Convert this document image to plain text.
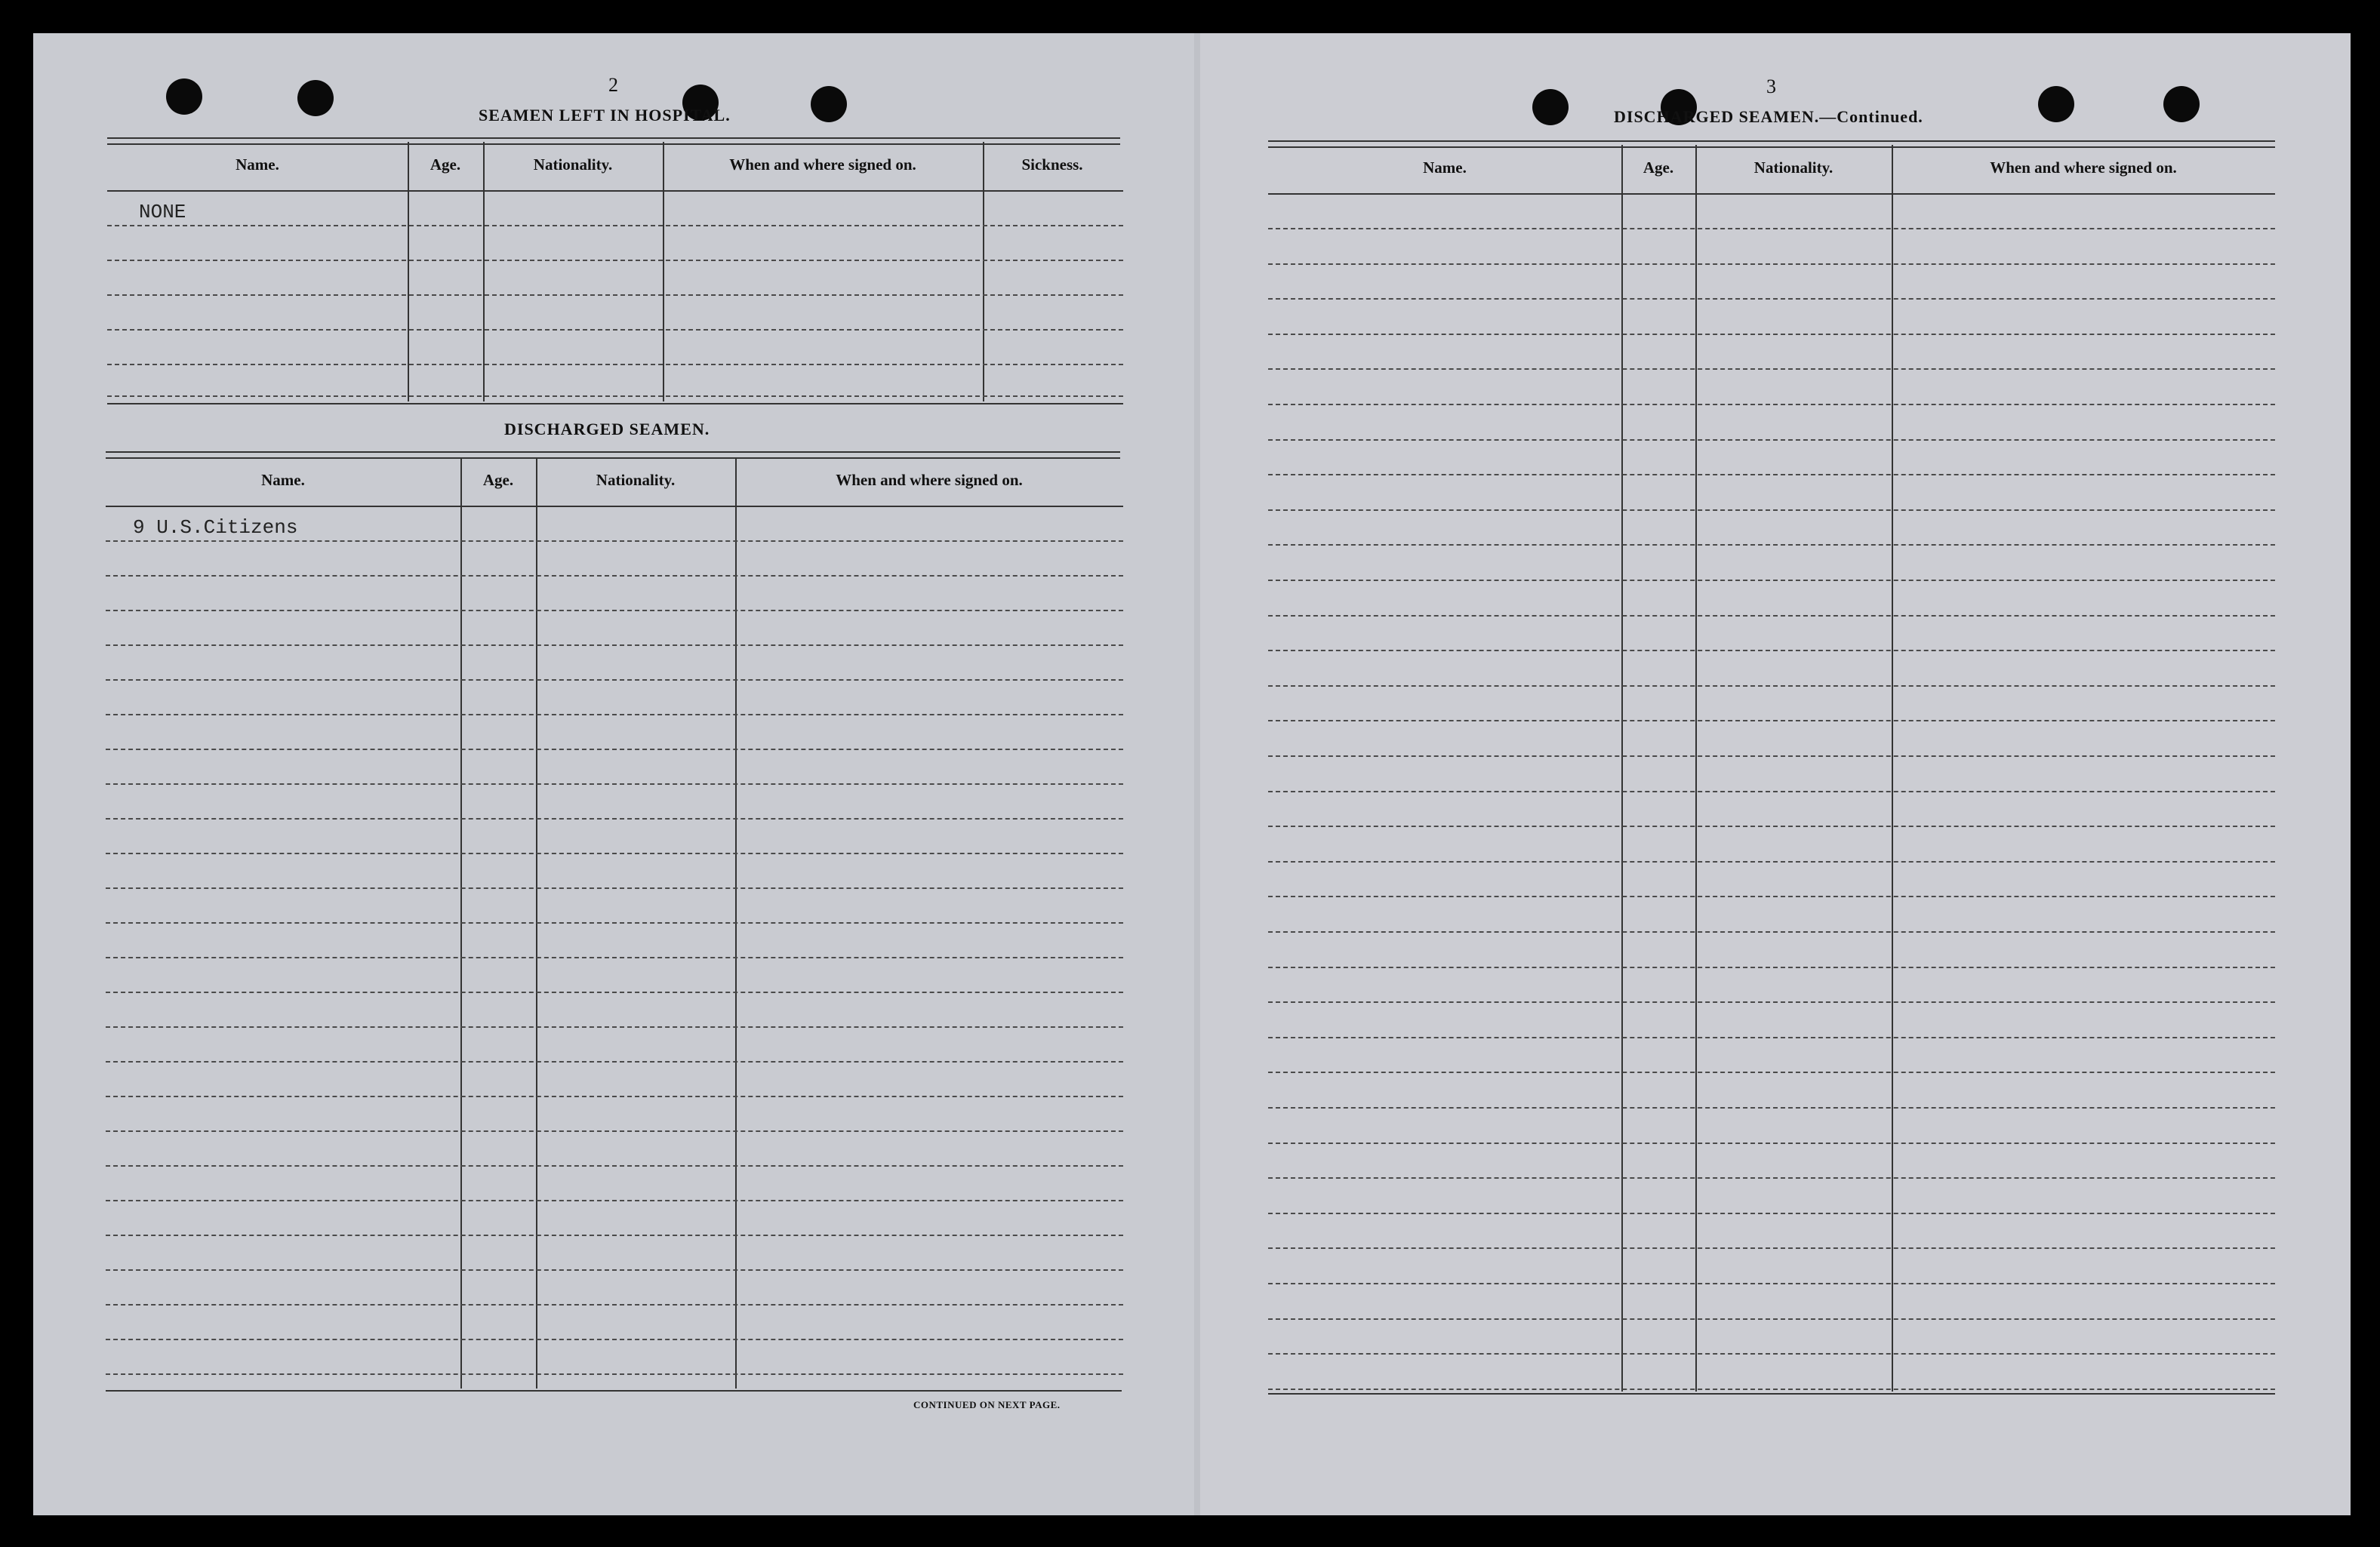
2
SEAMEN LEFT IN HOSPITAL.
Name.	Age.	Nationality.	When and where signed on.	Sickness.
NONE
DISCHARGED SEAMEN.
Name.	Age.	Nationality.	When and where signed on.
9 U.S.Citizens
CONTINUED ON NEXT PAGE.
3
DISCHARGED SEAMEN.—Continued.
Name.	Age.	Nationality.	When and where signed on.
